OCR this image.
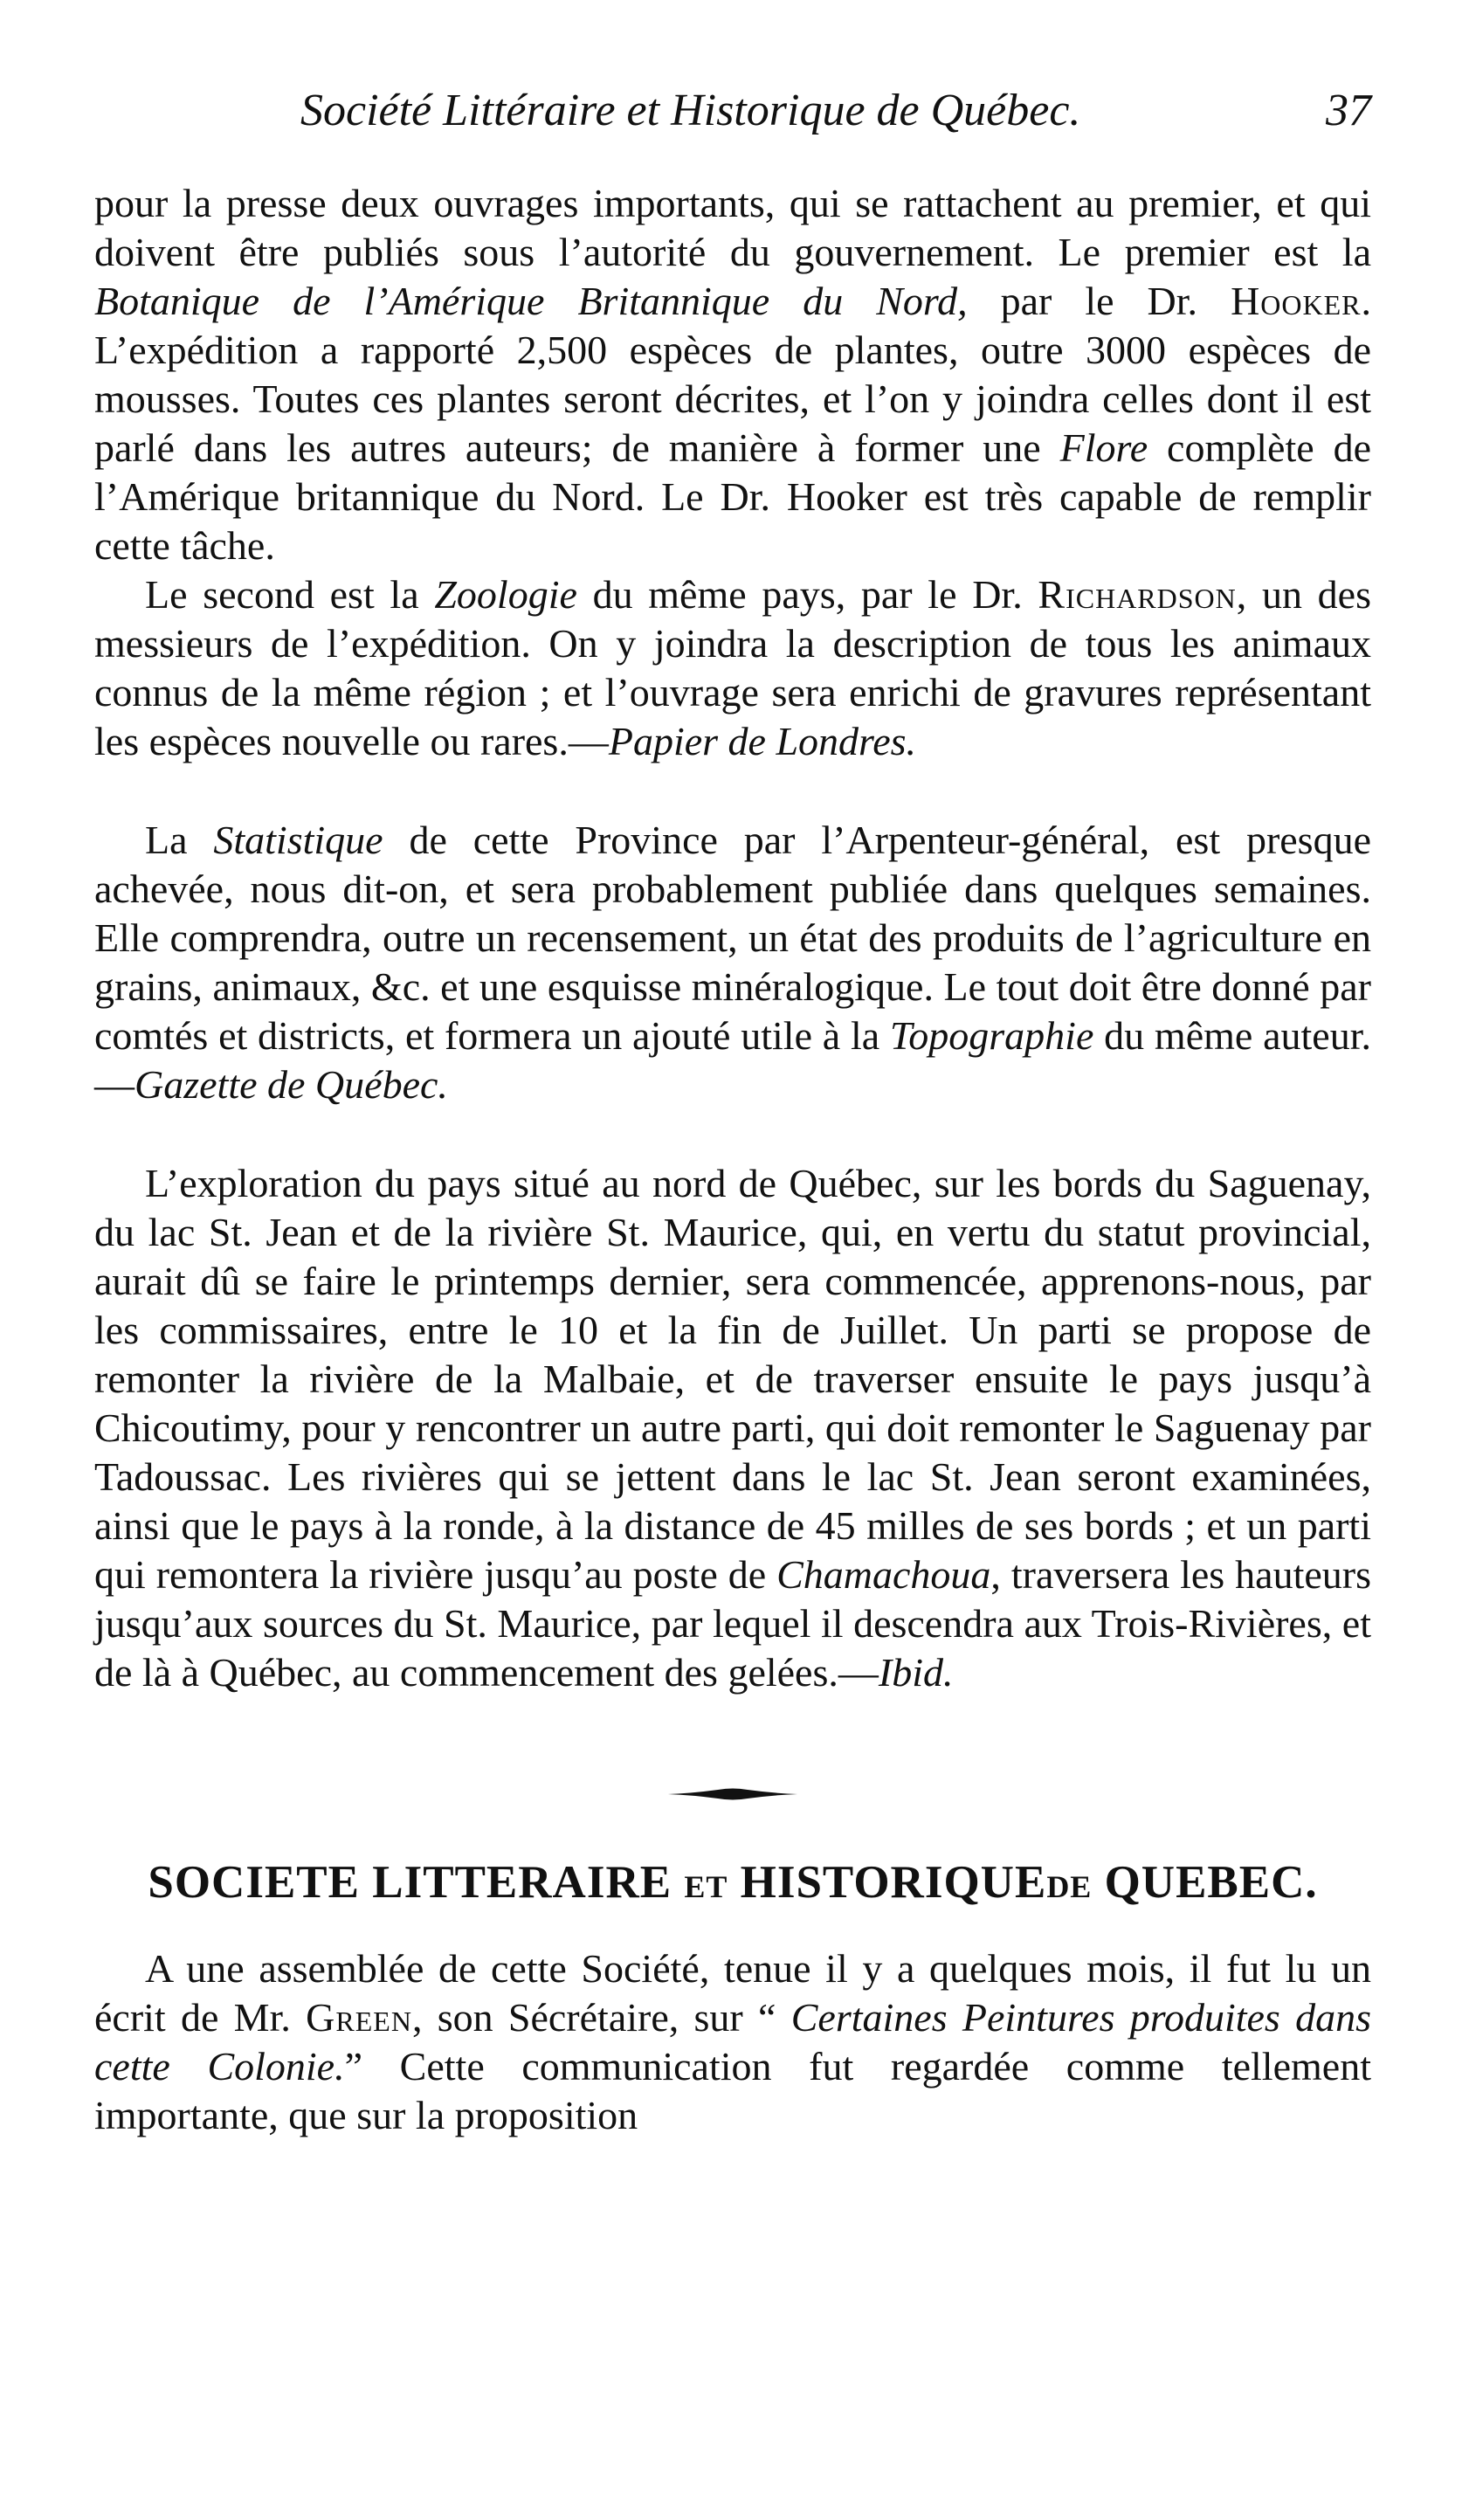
Société Littéraire et Historique de Québec.	37

pour la presse deux ouvrages importants, qui se rattachent au premier, et qui doivent être publiés sous l’autorité du gouvernement. Le premier est la Botanique de l’Amérique Britannique du Nord, par le Dr. Hooker. L’expédition a rapporté 2,500 espèces de plantes, outre 3000 espèces de mousses. Toutes ces plantes seront décrites, et l’on y joindra celles dont il est parlé dans les autres auteurs; de manière à former une Flore complète de l’Amérique britannique du Nord. Le Dr. Hooker est très capable de remplir cette tâche.

Le second est la Zoologie du même pays, par le Dr. Richardson, un des messieurs de l’expédition. On y joindra la description de tous les animaux connus de la même région ; et l’ouvrage sera enrichi de gravures représentant les espèces nouvelle ou rares.—Papier de Londres.

La Statistique de cette Province par l’Arpenteur-général, est presque achevée, nous dit-on, et sera probablement publiée dans quelques semaines. Elle comprendra, outre un recensement, un état des produits de l’agriculture en grains, animaux, &c. et une esquisse minéralogique. Le tout doit être donné par comtés et districts, et formera un ajouté utile à la Topographie du même auteur.—Gazette de Québec.

L’exploration du pays situé au nord de Québec, sur les bords du Saguenay, du lac St. Jean et de la rivière St. Maurice, qui, en vertu du statut provincial, aurait dû se faire le printemps dernier, sera commencée, apprenons-nous, par les commissaires, entre le 10 et la fin de Juillet. Un parti se propose de remonter la rivière de la Malbaie, et de traverser ensuite le pays jusqu’à Chicoutimy, pour y rencontrer un autre parti, qui doit remonter le Saguenay par Tadoussac. Les rivières qui se jettent dans le lac St. Jean seront examinées, ainsi que le pays à la ronde, à la distance de 45 milles de ses bords ; et un parti qui remontera la rivière jusqu’au poste de Chamachoua, traversera les hauteurs jusqu’aux sources du St. Maurice, par lequel il descendra aux Trois-Rivières, et de là à Québec, au commencement des gelées.—Ibid.

SOCIETE LITTERAIRE ET HISTORIQUEDE QUEBEC.

A une assemblée de cette Société, tenue il y a quelques mois, il fut lu un écrit de Mr. Green, son Sécrétaire, sur “ Certaines Peintures produites dans cette Colonie.” Cette communication fut regardée comme tellement importante, que sur la proposition
